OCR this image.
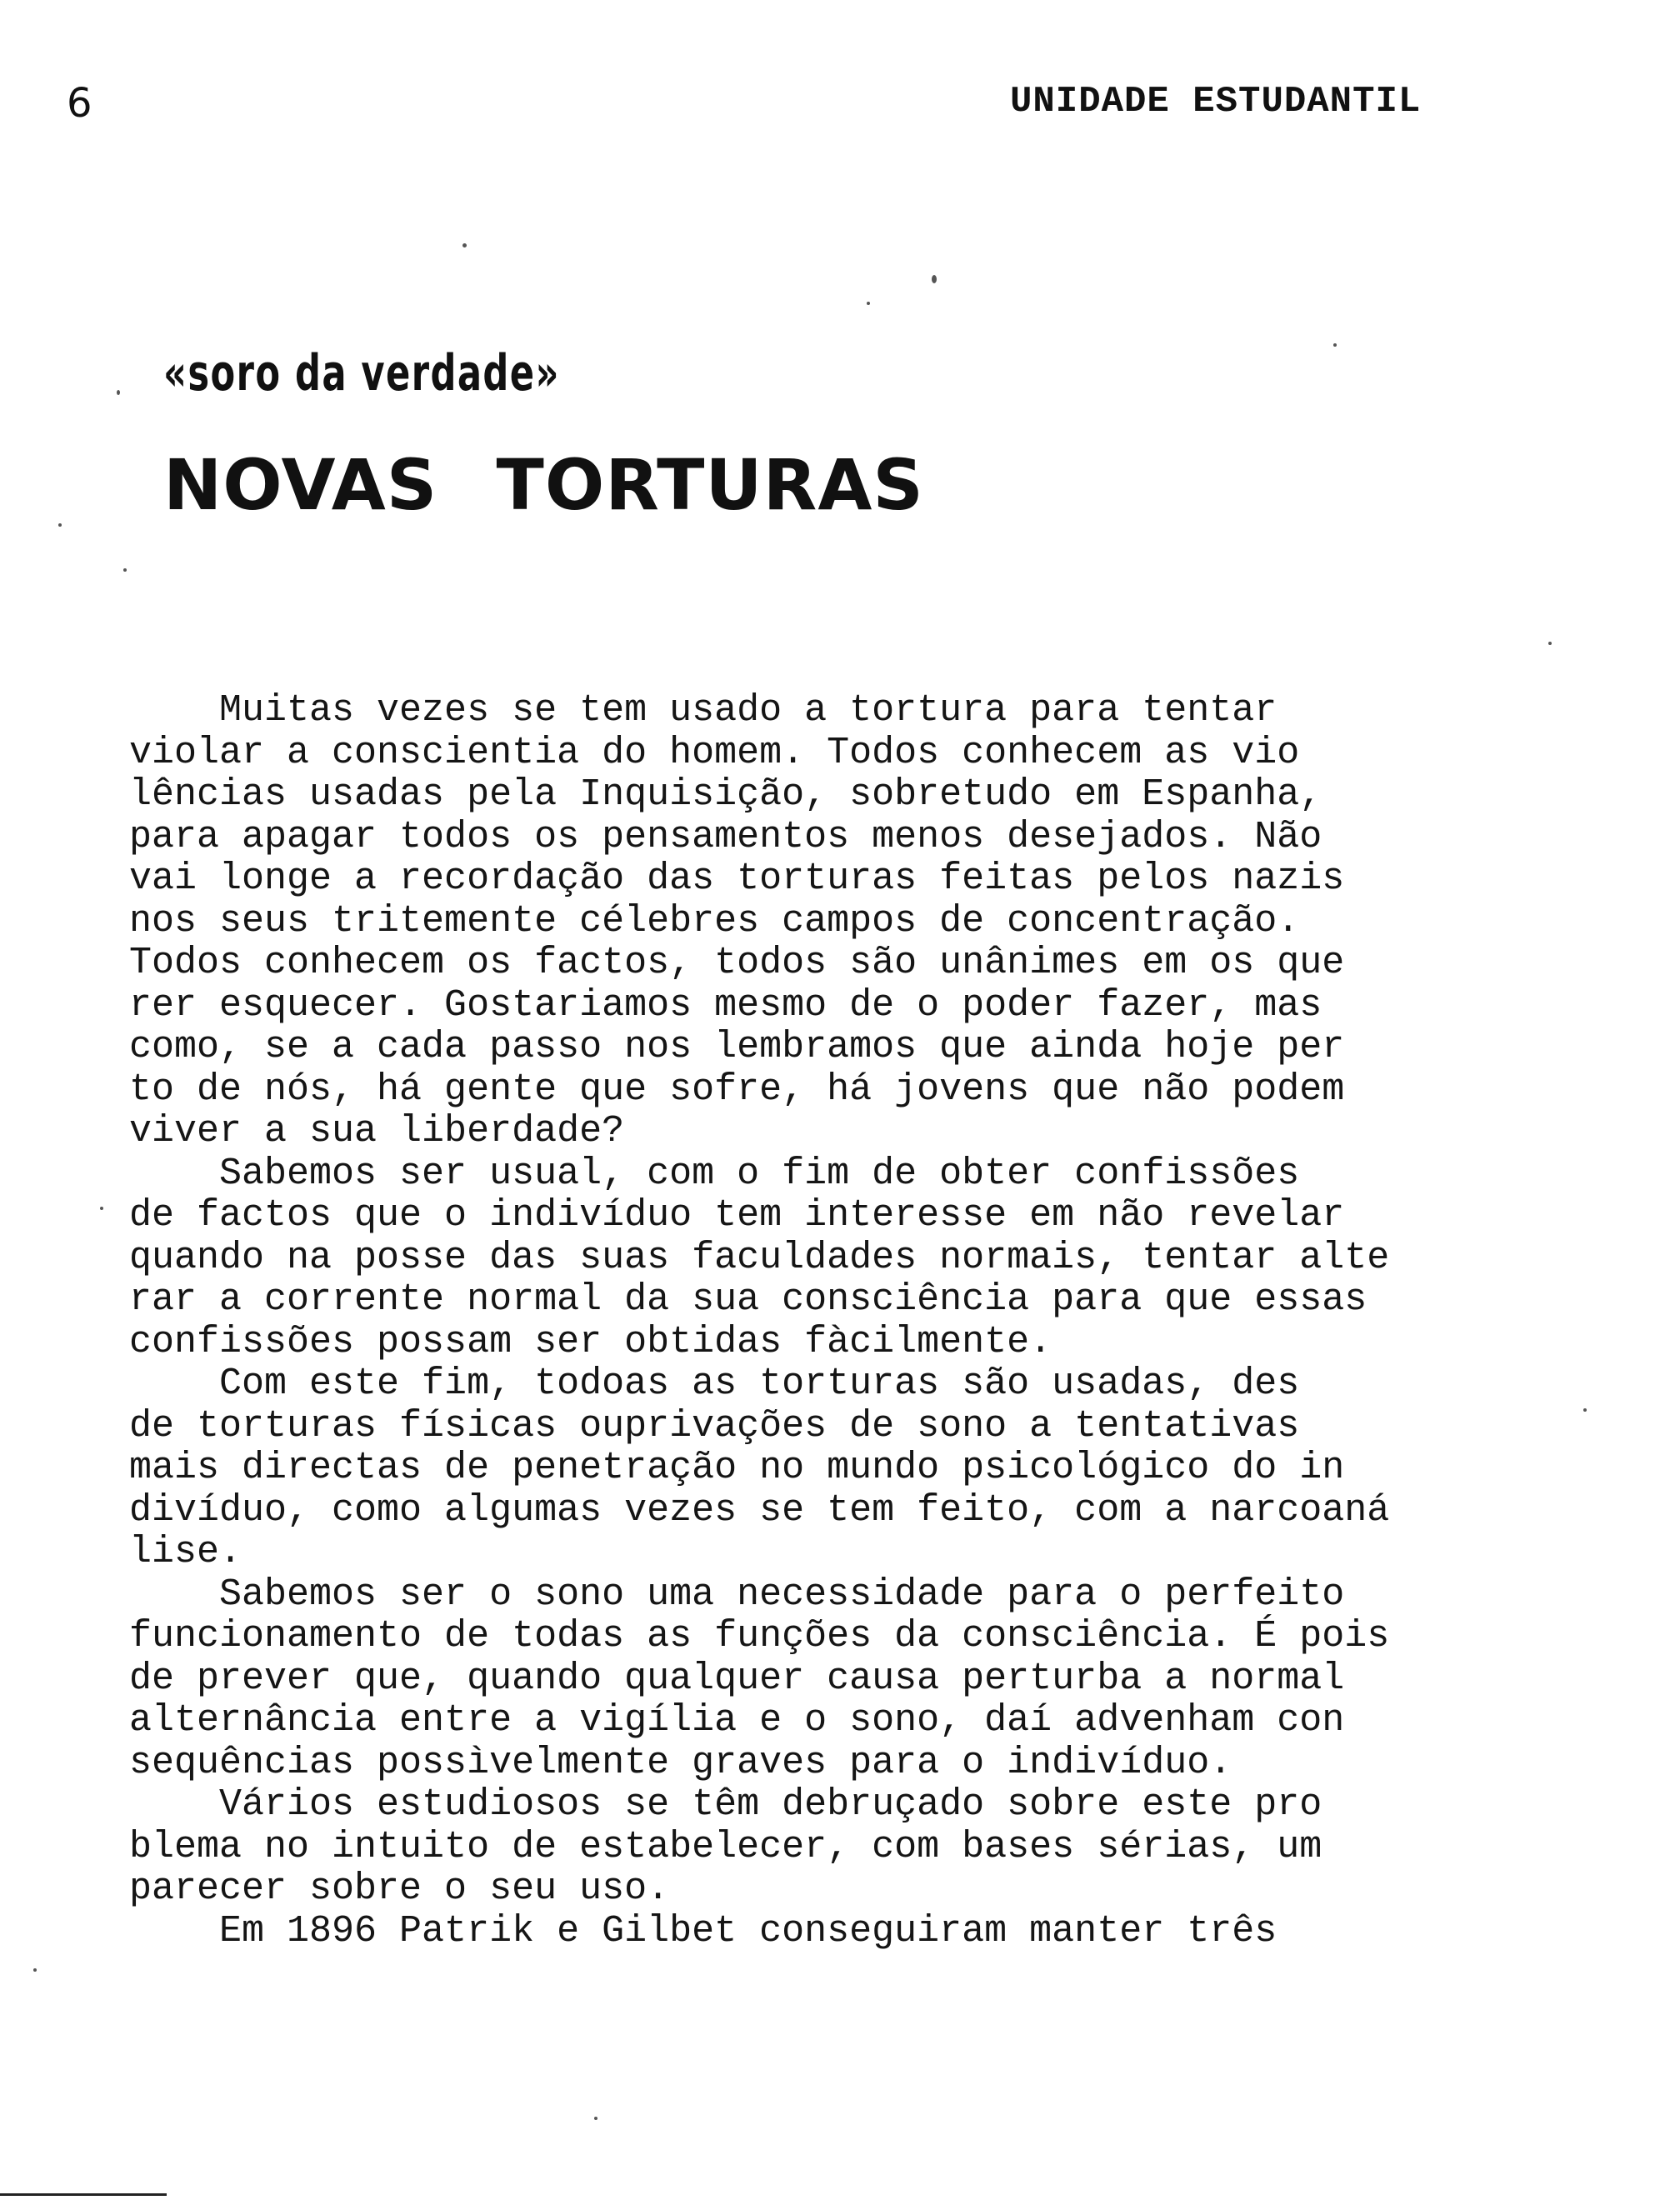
6	UNIDADE ESTUDANTIL
«soro da verdade»
NOVAS TORTURAS
Muitas vezes se tem usado a tortura para tentar
violar a conscientia do homem. Todos conhecem as vio
lências usadas pela Inquisição, sobretudo em Espanha,
para apagar todos os pensamentos menos desejados. Não
vai longe a recordação das torturas feitas pelos nazis
nos seus tritemente célebres campos de concentração.
Todos conhecem os factos, todos são unânimes em os que
rer esquecer. Gostariamos mesmo de o poder fazer, mas
como, se a cada passo nos lembramos que ainda hoje per
to de nós, há gente que sofre, há jovens que não podem
viver a sua liberdade?
Sabemos ser usual, com o fim de obter confissões
de factos que o indivíduo tem interesse em não revelar
quando na posse das suas faculdades normais, tentar alte
rar a corrente normal da sua consciência para que essas
confissões possam ser obtidas fàcilmente.
Com este fim, todoas as torturas são usadas, des
de torturas físicas ouprivações de sono a tentativas
mais directas de penetração no mundo psicológico do in
divíduo, como algumas vezes se tem feito, com a narcoaná
lise.
Sabemos ser o sono uma necessidade para o perfeito
funcionamento de todas as funções da consciência. É pois
de prever que, quando qualquer causa perturba a normal
alternância entre a vigília e o sono, daí advenham con
sequências possìvelmente graves para o indivíduo.
Vários estudiosos se têm debruçado sobre este pro
blema no intuito de estabelecer, com bases sérias, um
parecer sobre o seu uso.
Em 1896 Patrik e Gilbet conseguiram manter três
